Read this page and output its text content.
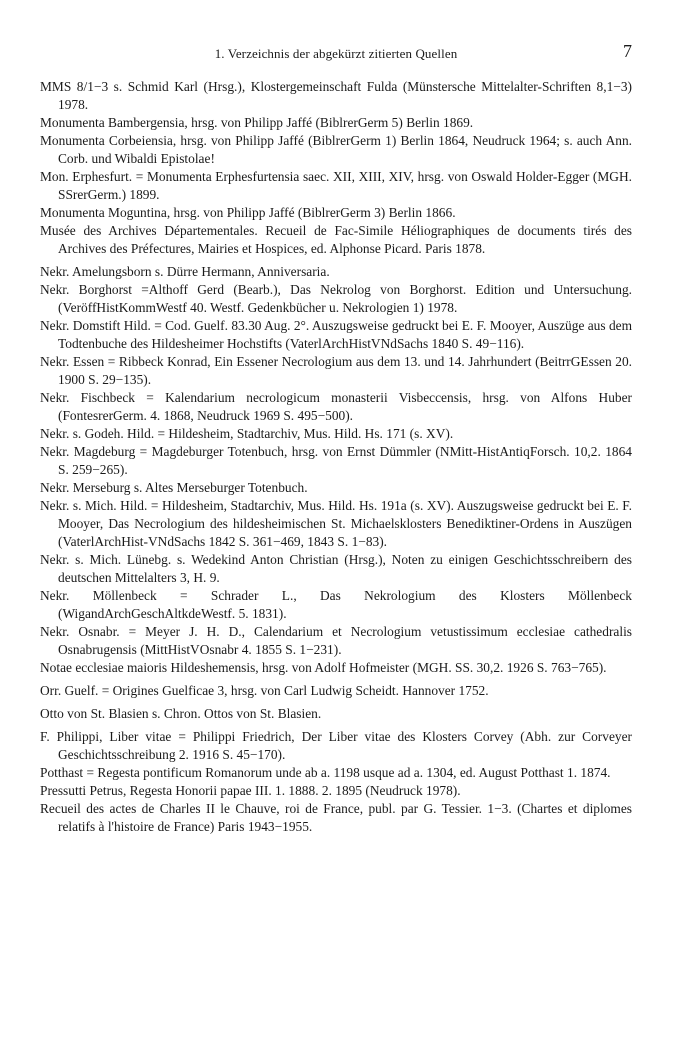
1. Verzeichnis der abgekürzt zitierten Quellen	7

MMS 8/1−3 s. Schmid Karl (Hrsg.), Klostergemeinschaft Fulda (Münstersche Mittelalter-Schriften 8,1−3) 1978.

Monumenta Bambergensia, hrsg. von Philipp Jaffé (BiblrerGerm 5) Berlin 1869.

Monumenta Corbeiensia, hrsg. von Philipp Jaffé (BiblrerGerm 1) Berlin 1864, Neudruck 1964; s. auch Ann. Corb. und Wibaldi Epistolae!

Mon. Erphesfurt. = Monumenta Erphesfurtensia saec. XII, XIII, XIV, hrsg. von Oswald Holder-Egger (MGH. SSrerGerm.) 1899.

Monumenta Moguntina, hrsg. von Philipp Jaffé (BiblrerGerm 3) Berlin 1866.

Musée des Archives Départementales. Recueil de Fac-Simile Héliographiques de documents tirés des Archives des Préfectures, Mairies et Hospices, ed. Alphonse Picard. Paris 1878.

Nekr. Amelungsborn s. Dürre Hermann, Anniversaria.

Nekr. Borghorst =Althoff Gerd (Bearb.), Das Nekrolog von Borghorst. Edition und Untersuchung. (VeröffHistKommWestf 40. Westf. Gedenkbücher u. Nekrologien 1) 1978.

Nekr. Domstift Hild. = Cod. Guelf. 83.30 Aug. 2°. Auszugsweise gedruckt bei E. F. Mooyer, Auszüge aus dem Todtenbuche des Hildesheimer Hochstifts (VaterlArchHistVNdSachs 1840 S. 49−116).

Nekr. Essen = Ribbeck Konrad, Ein Essener Necrologium aus dem 13. und 14. Jahrhundert (BeitrrGEssen 20. 1900 S. 29−135).

Nekr. Fischbeck = Kalendarium necrologicum monasterii Visbeccensis, hrsg. von Alfons Huber (FontesrerGerm. 4. 1868, Neudruck 1969 S. 495−500).

Nekr. s. Godeh. Hild. = Hildesheim, Stadtarchiv, Mus. Hild. Hs. 171 (s. XV).

Nekr. Magdeburg = Magdeburger Totenbuch, hrsg. von Ernst Dümmler (NMitt-HistAntiqForsch. 10,2. 1864 S. 259−265).

Nekr. Merseburg s. Altes Merseburger Totenbuch.

Nekr. s. Mich. Hild. = Hildesheim, Stadtarchiv, Mus. Hild. Hs. 191a (s. XV). Auszugsweise gedruckt bei E. F. Mooyer, Das Necrologium des hildesheimischen St. Michaelsklosters Benediktiner-Ordens in Auszügen (VaterlArchHist-VNdSachs 1842 S. 361−469, 1843 S. 1−83).

Nekr. s. Mich. Lünebg. s. Wedekind Anton Christian (Hrsg.), Noten zu einigen Geschichtsschreibern des deutschen Mittelalters 3, H. 9.

Nekr. Möllenbeck = Schrader L., Das Nekrologium des Klosters Möllenbeck (WigandArchGeschAltkdeWestf. 5. 1831).

Nekr. Osnabr. = Meyer J. H. D., Calendarium et Necrologium vetustissimum ecclesiae cathedralis Osnabrugensis (MittHistVOsnabr 4. 1855 S. 1−231).

Notae ecclesiae maioris Hildeshemensis, hrsg. von Adolf Hofmeister (MGH. SS. 30,2. 1926 S. 763−765).

Orr. Guelf. = Origines Guelficae 3, hrsg. von Carl Ludwig Scheidt. Hannover 1752.

Otto von St. Blasien s. Chron. Ottos von St. Blasien.

F. Philippi, Liber vitae = Philippi Friedrich, Der Liber vitae des Klosters Corvey (Abh. zur Corveyer Geschichtsschreibung 2. 1916 S. 45−170).

Potthast = Regesta pontificum Romanorum unde ab a. 1198 usque ad a. 1304, ed. August Potthast 1. 1874.

Pressutti Petrus, Regesta Honorii papae III. 1. 1888. 2. 1895 (Neudruck 1978).

Recueil des actes de Charles II le Chauve, roi de France, publ. par G. Tessier. 1−3. (Chartes et diplomes relatifs à l'histoire de France) Paris 1943−1955.
